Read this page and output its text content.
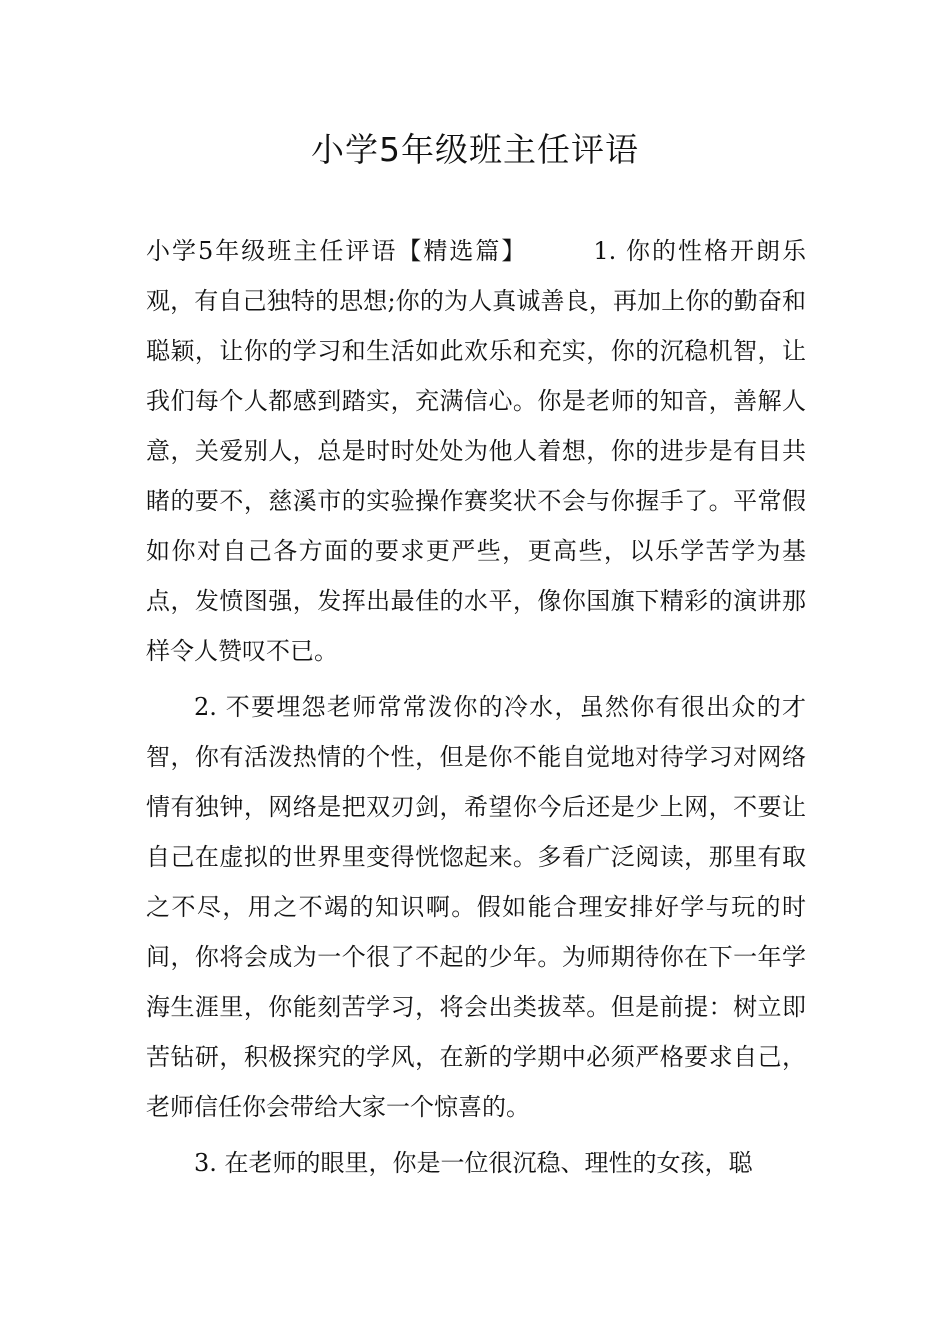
小学5年级班主任评语

小学5年级班主任评语【精选篇】	1. 你的性格开朗乐观，有自己独特的思想;你的为人真诚善良，再加上你的勤奋和聪颖，让你的学习和生活如此欢乐和充实，你的沉稳机智，让我们每个人都感到踏实，充满信心。你是老师的知音，善解人意，关爱别人，总是时时处处为他人着想，你的进步是有目共睹的要不，慈溪市的实验操作赛奖状不会与你握手了。平常假如你对自己各方面的要求更严些，更高些，以乐学苦学为基点，发愤图强，发挥出最佳的水平，像你国旗下精彩的演讲那样令人赞叹不已。

2. 不要埋怨老师常常泼你的冷水，虽然你有很出众的才智，你有活泼热情的个性，但是你不能自觉地对待学习对网络情有独钟，网络是把双刃剑，希望你今后还是少上网，不要让自己在虚拟的世界里变得恍惚起来。多看广泛阅读，那里有取之不尽，用之不竭的知识啊。假如能合理安排好学与玩的时间，你将会成为一个很了不起的少年。为师期待你在下一年学海生涯里，你能刻苦学习，将会出类拔萃。但是前提：树立即苦钻研，积极探究的学风，在新的学期中必须严格要求自己，老师信任你会带给大家一个惊喜的。

3. 在老师的眼里，你是一位很沉稳、理性的女孩，聪
